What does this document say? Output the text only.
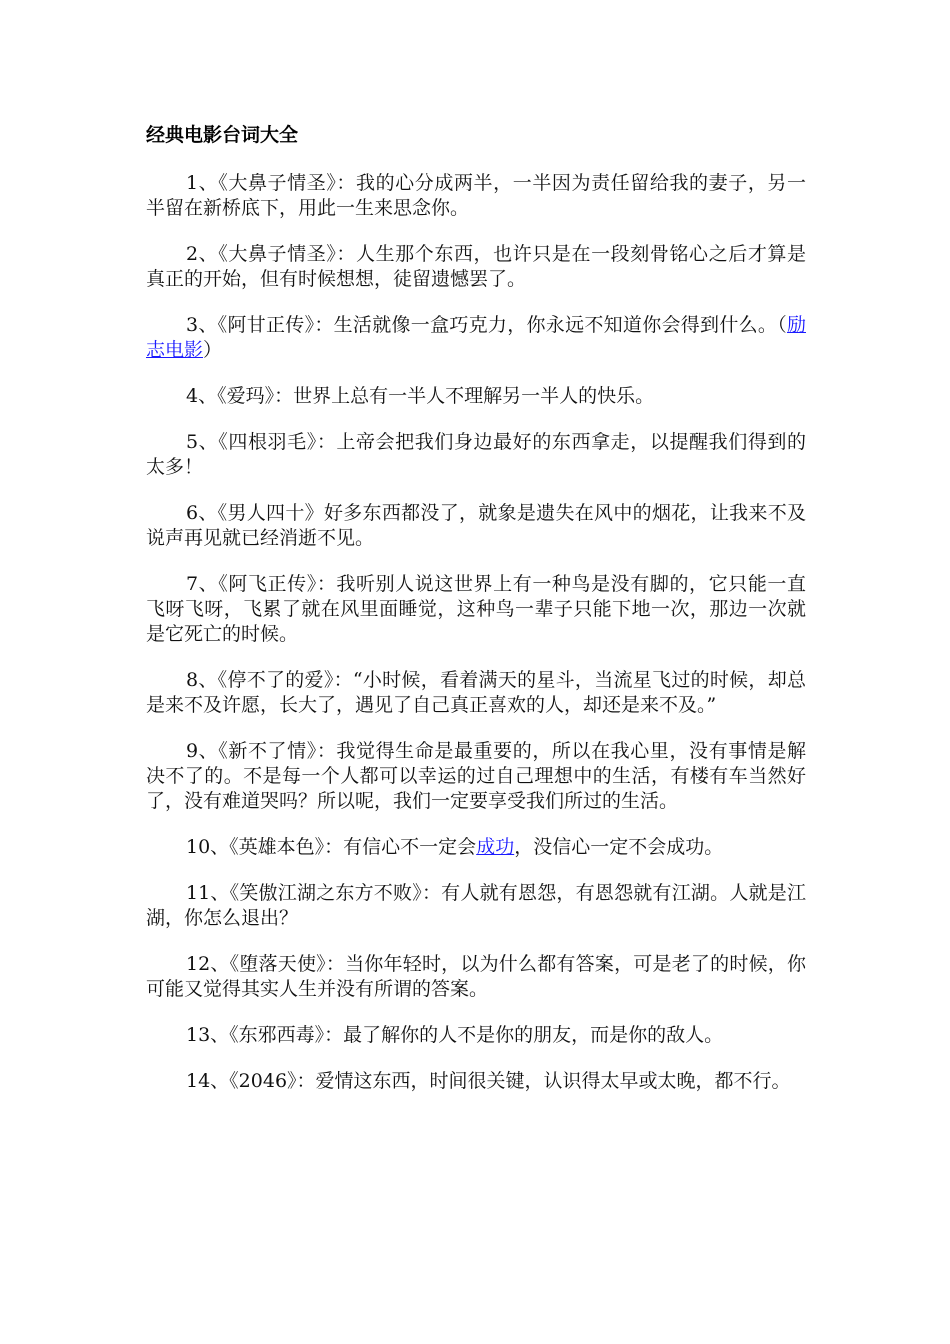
经典电影台词大全

1、《大鼻子情圣》：我的心分成两半，一半因为责任留给我的妻子，另一半留在新桥底下，用此一生来思念你。

2、《大鼻子情圣》：人生那个东西，也许只是在一段刻骨铭心之后才算是真正的开始，但有时候想想，徒留遗憾罢了。

3、《阿甘正传》：生活就像一盒巧克力，你永远不知道你会得到什么。（励志电影）

4、《爱玛》：世界上总有一半人不理解另一半人的快乐。

5、《四根羽毛》：上帝会把我们身边最好的东西拿走，以提醒我们得到的太多！

6、《男人四十》好多东西都没了，就象是遗失在风中的烟花，让我来不及说声再见就已经消逝不见。

7、《阿飞正传》：我听别人说这世界上有一种鸟是没有脚的，它只能一直飞呀飞呀，飞累了就在风里面睡觉，这种鸟一辈子只能下地一次，那边一次就是它死亡的时候。

8、《停不了的爱》：“小时候，看着满天的星斗，当流星飞过的时候，却总是来不及许愿，长大了，遇见了自己真正喜欢的人，却还是来不及。”

9、《新不了情》：我觉得生命是最重要的，所以在我心里，没有事情是解决不了的。不是每一个人都可以幸运的过自己理想中的生活，有楼有车当然好了，没有难道哭吗？所以呢，我们一定要享受我们所过的生活。

10、《英雄本色》：有信心不一定会成功，没信心一定不会成功。

11、《笑傲江湖之东方不败》：有人就有恩怨，有恩怨就有江湖。人就是江湖，你怎么退出？

12、《堕落天使》：当你年轻时，以为什么都有答案，可是老了的时候，你可能又觉得其实人生并没有所谓的答案。

13、《东邪西毒》：最了解你的人不是你的朋友，而是你的敌人。

14、《2046》：爱情这东西，时间很关键，认识得太早或太晚，都不行。
